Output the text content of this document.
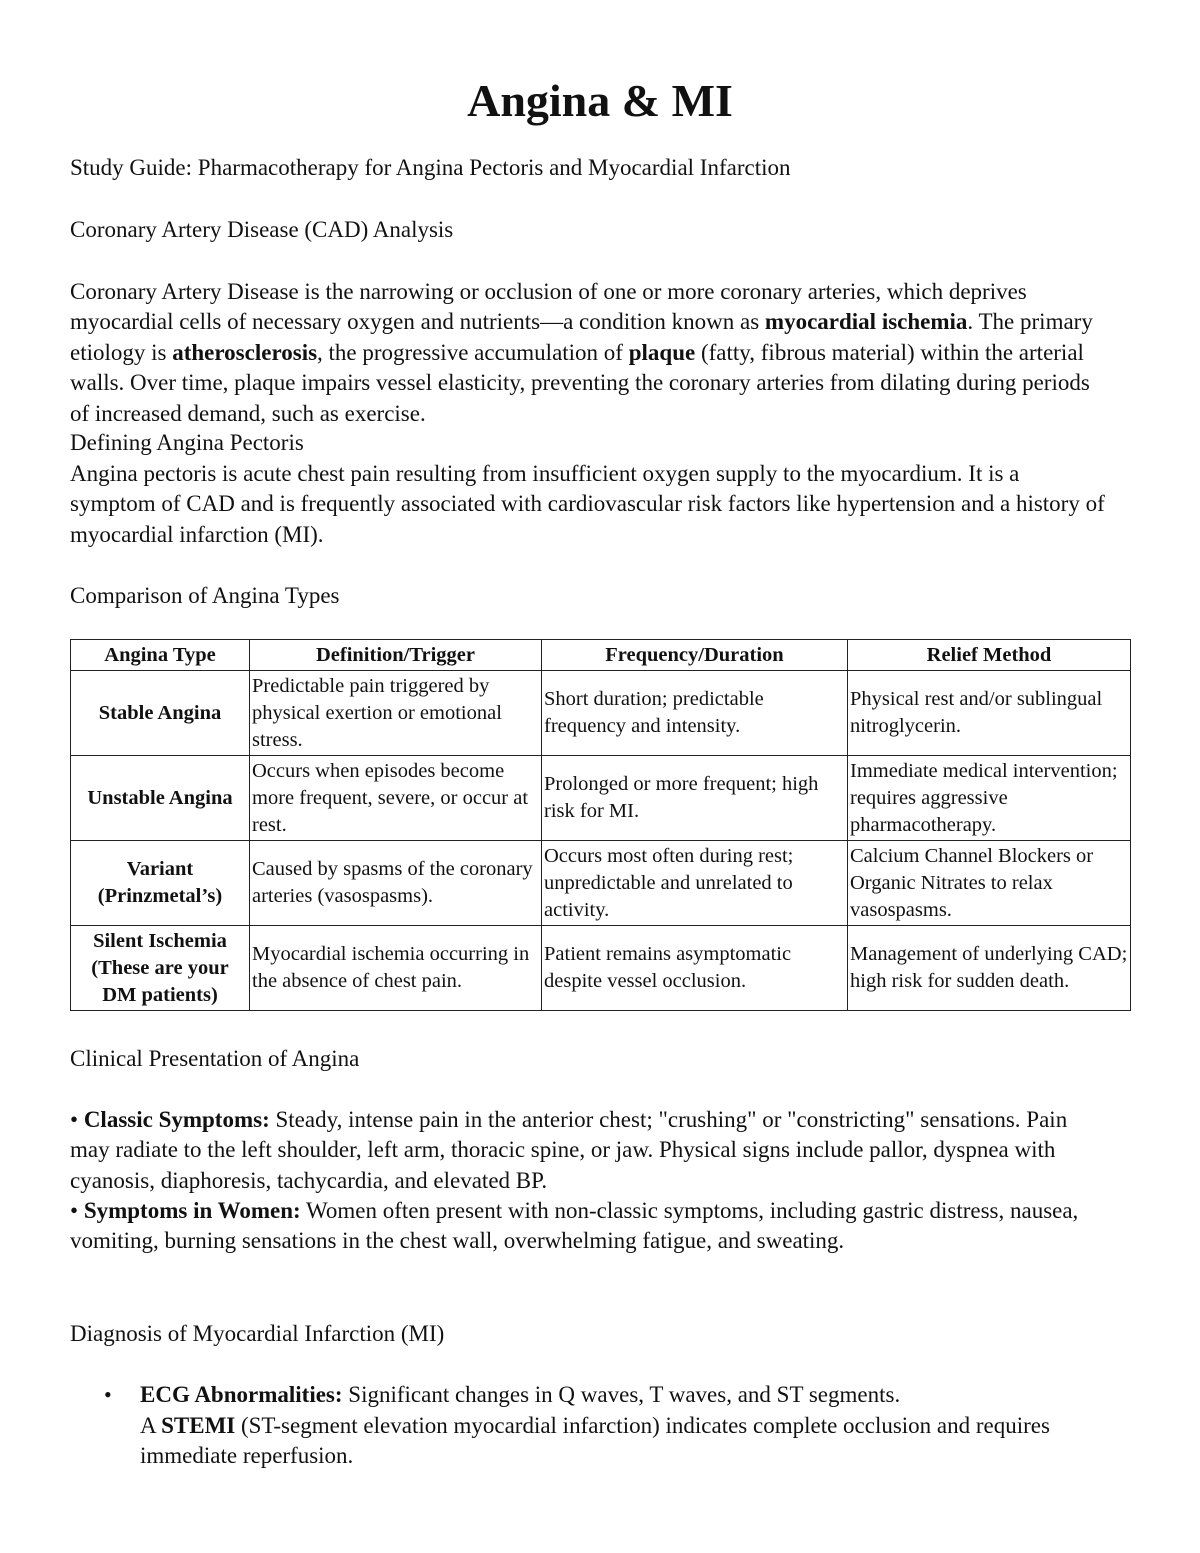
Angina & MI
Study Guide: Pharmacotherapy for Angina Pectoris and Myocardial Infarction
Coronary Artery Disease (CAD) Analysis

Coronary Artery Disease is the narrowing or occlusion of one or more coronary arteries, which deprives myocardial cells of necessary oxygen and nutrients—a condition known as myocardial ischemia. The primary etiology is atherosclerosis, the progressive accumulation of plaque (fatty, fibrous material) within the arterial walls. Over time, plaque impairs vessel elasticity, preventing the coronary arteries from dilating during periods of increased demand, such as exercise.

Defining Angina Pectoris

Angina pectoris is acute chest pain resulting from insufficient oxygen supply to the myocardium. It is a symptom of CAD and is frequently associated with cardiovascular risk factors like hypertension and a history of myocardial infarction (MI).

Comparison of Angina Types
Angina Type	Definition/Trigger	Frequency/Duration	Relief Method
Stable Angina	Predictable pain triggered by physical exertion or emotional stress.	Short duration; predictable frequency and intensity.	Physical rest and/or sublingual nitroglycerin.
Unstable Angina	Occurs when episodes become more frequent, severe, or occur at rest.	Prolonged or more frequent; high risk for MI.	Immediate medical intervention; requires aggressive pharmacotherapy.
Variant (Prinzmetal’s)	Caused by spasms of the coronary arteries (vasospasms).	Occurs most often during rest; unpredictable and unrelated to activity.	Calcium Channel Blockers or Organic Nitrates to relax vasospasms.
Silent Ischemia (These are your DM patients)	Myocardial ischemia occurring in the absence of chest pain.	Patient remains asymptomatic despite vessel occlusion.	Management of underlying CAD; high risk for sudden death.
Clinical Presentation of Angina

• Classic Symptoms: Steady, intense pain in the anterior chest; "crushing" or "constricting" sensations. Pain may radiate to the left shoulder, left arm, thoracic spine, or jaw. Physical signs include pallor, dyspnea with cyanosis, diaphoresis, tachycardia, and elevated BP.

• Symptoms in Women: Women often present with non-classic symptoms, including gastric distress, nausea, vomiting, burning sensations in the chest wall, overwhelming fatigue, and sweating.

Diagnosis of Myocardial Infarction (MI)
• ECG Abnormalities: Significant changes in Q waves, T waves, and ST segments.
A STEMI (ST-segment elevation myocardial infarction) indicates complete occlusion and requires immediate reperfusion.
